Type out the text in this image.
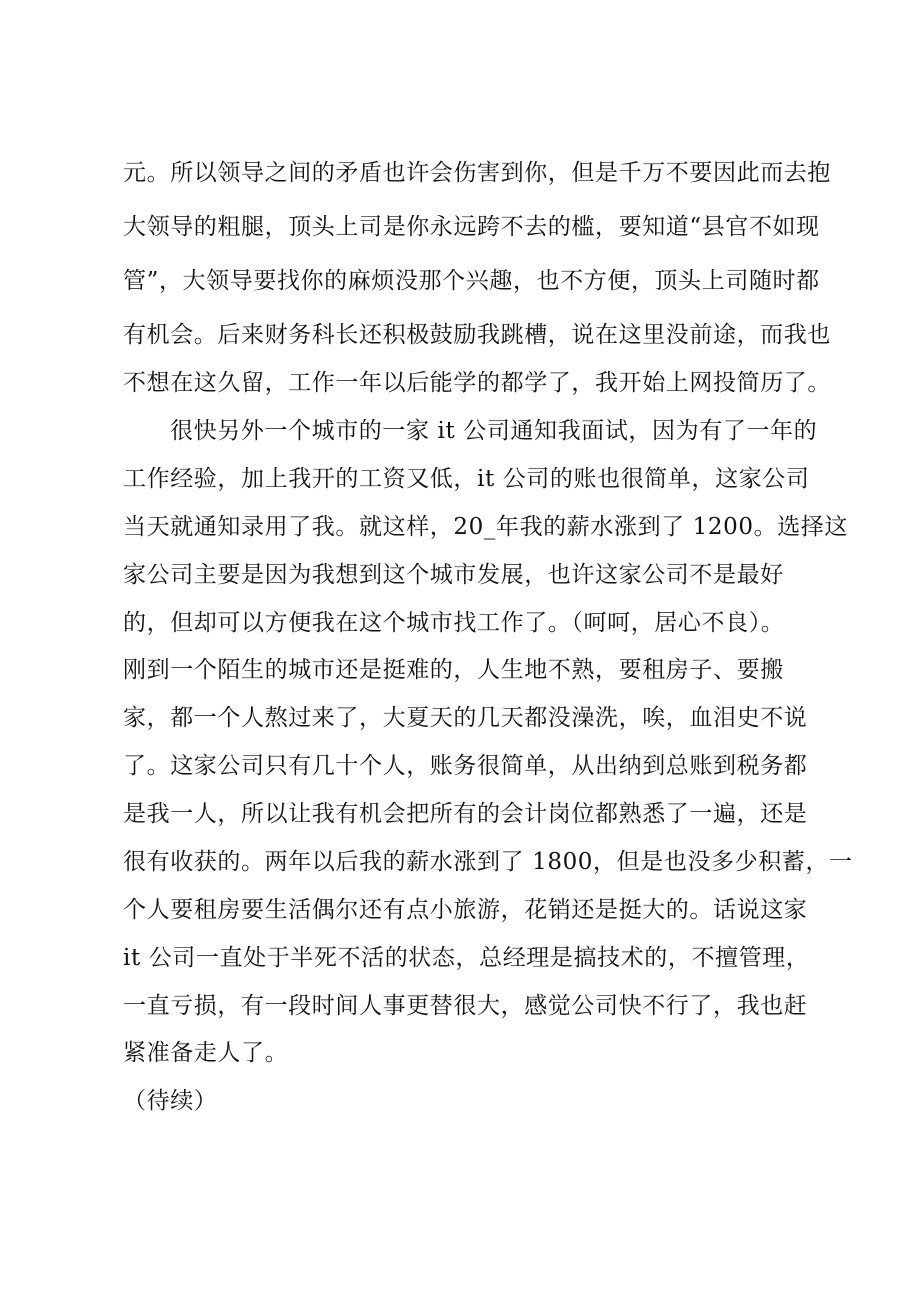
元。所以领导之间的矛盾也许会伤害到你，但是千万不要因此而去抱
大领导的粗腿，顶头上司是你永远跨不去的槛，要知道“县官不如现
管”，大领导要找你的麻烦没那个兴趣，也不方便，顶头上司随时都
有机会。后来财务科长还积极鼓励我跳槽，说在这里没前途，而我也
不想在这久留，工作一年以后能学的都学了，我开始上网投简历了。
很快另外一个城市的一家 it 公司通知我面试，因为有了一年的
工作经验，加上我开的工资又低，it 公司的账也很简单，这家公司
当天就通知录用了我。就这样，20_年我的薪水涨到了 1200。选择这
家公司主要是因为我想到这个城市发展，也许这家公司不是最好
的，但却可以方便我在这个城市找工作了。（呵呵，居心不良）。
刚到一个陌生的城市还是挺难的，人生地不熟，要租房子、要搬
家，都一个人熬过来了，大夏天的几天都没澡洗，唉，血泪史不说
了。这家公司只有几十个人，账务很简单，从出纳到总账到税务都
是我一人，所以让我有机会把所有的会计岗位都熟悉了一遍，还是
很有收获的。两年以后我的薪水涨到了 1800，但是也没多少积蓄，一
个人要租房要生活偶尔还有点小旅游，花销还是挺大的。话说这家
it 公司一直处于半死不活的状态，总经理是搞技术的，不擅管理，
一直亏损，有一段时间人事更替很大，感觉公司快不行了，我也赶
紧准备走人了。
（待续）
